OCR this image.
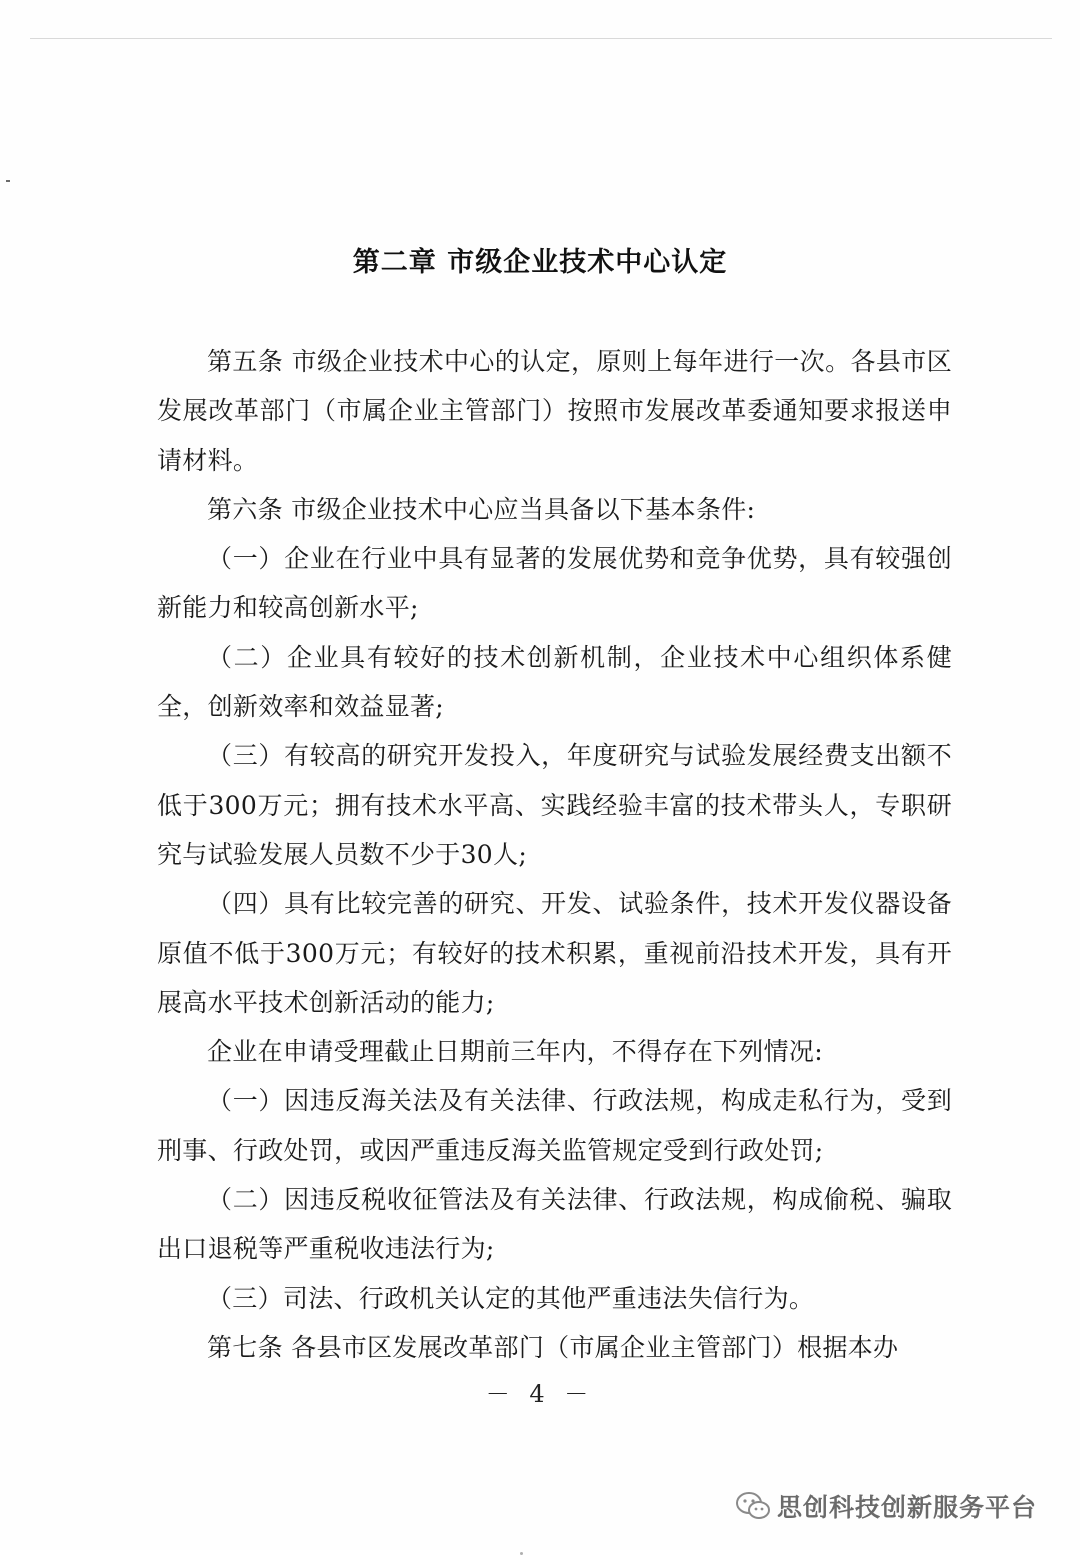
第二章 市级企业技术中心认定

第五条 市级企业技术中心的认定，原则上每年进行一次。各县市区发展改革部门（市属企业主管部门）按照市发展改革委通知要求报送申请材料。

第六条 市级企业技术中心应当具备以下基本条件:

（一）企业在行业中具有显著的发展优势和竞争优势，具有较强创新能力和较高创新水平;

（二）企业具有较好的技术创新机制，企业技术中心组织体系健全，创新效率和效益显著;

（三）有较高的研究开发投入，年度研究与试验发展经费支出额不低于300万元；拥有技术水平高、实践经验丰富的技术带头人，专职研究与试验发展人员数不少于30人;

（四）具有比较完善的研究、开发、试验条件，技术开发仪器设备原值不低于300万元；有较好的技术积累，重视前沿技术开发，具有开展高水平技术创新活动的能力;

企业在申请受理截止日期前三年内，不得存在下列情况:

（一）因违反海关法及有关法律、行政法规，构成走私行为，受到刑事、行政处罚，或因严重违反海关监管规定受到行政处罚;

（二）因违反税收征管法及有关法律、行政法规，构成偷税、骗取出口退税等严重税收违法行为;

（三）司法、行政机关认定的其他严重违法失信行为。

第七条 各县市区发展改革部门（市属企业主管部门）根据本办

－ 4 －
思创科技创新服务平台
